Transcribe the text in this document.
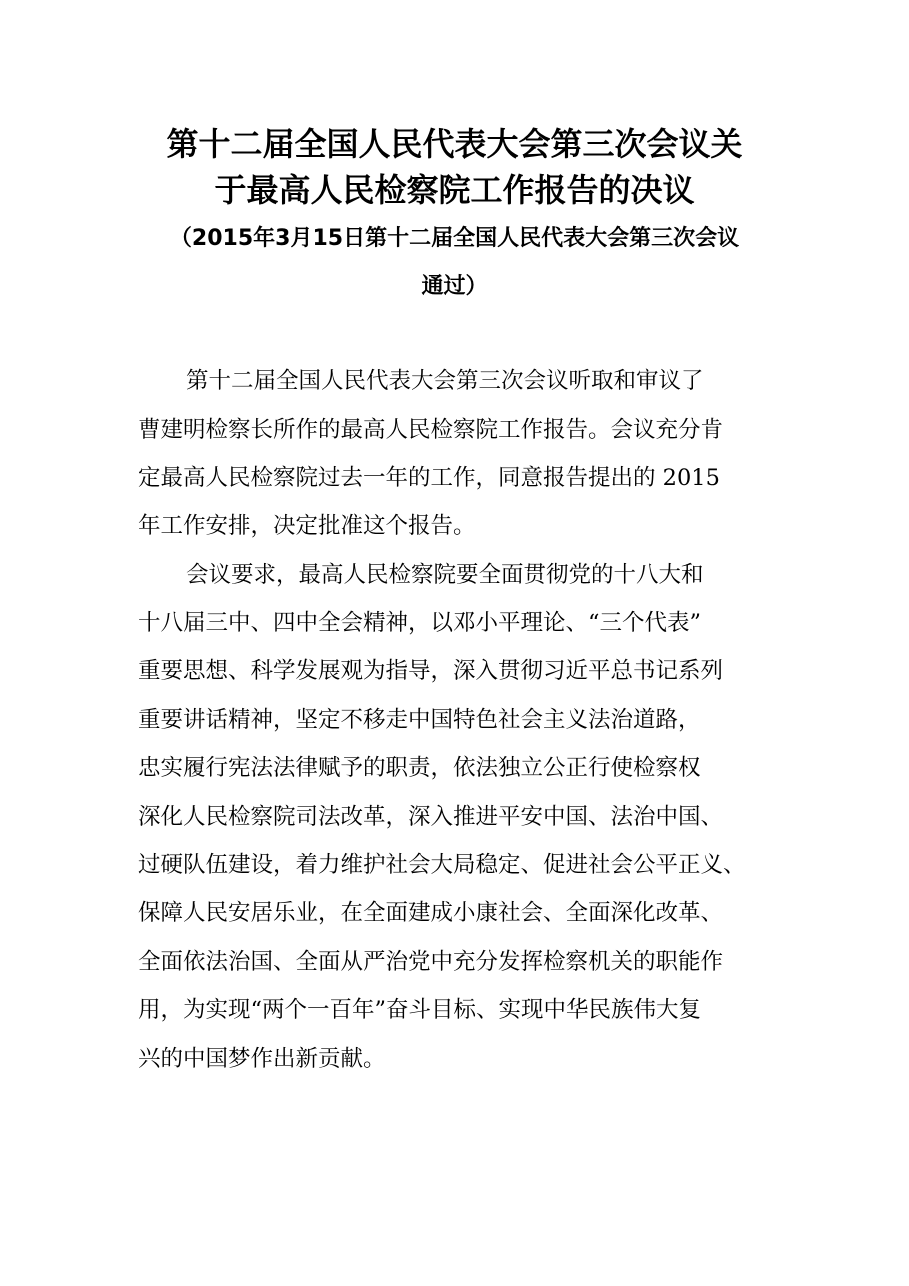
第十二届全国人民代表大会第三次会议关
于最高人民检察院工作报告的决议
（2015年3月15日第十二届全国人民代表大会第三次会议
通过）
第十二届全国人民代表大会第三次会议听取和审议了
曹建明检察长所作的最高人民检察院工作报告。会议充分肯
定最高人民检察院过去一年的工作，同意报告提出的 2015
年工作安排，决定批准这个报告。
会议要求，最高人民检察院要全面贯彻党的十八大和
十八届三中、四中全会精神，以邓小平理论、“三个代表”
重要思想、科学发展观为指导，深入贯彻习近平总书记系列
重要讲话精神，坚定不移走中国特色社会主义法治道路，
忠实履行宪法法律赋予的职责，依法独立公正行使检察权
深化人民检察院司法改革，深入推进平安中国、法治中国、
过硬队伍建设，着力维护社会大局稳定、促进社会公平正义、
保障人民安居乐业，在全面建成小康社会、全面深化改革、
全面依法治国、全面从严治党中充分发挥检察机关的职能作
用，为实现“两个一百年”奋斗目标、实现中华民族伟大复
兴的中国梦作出新贡献。
